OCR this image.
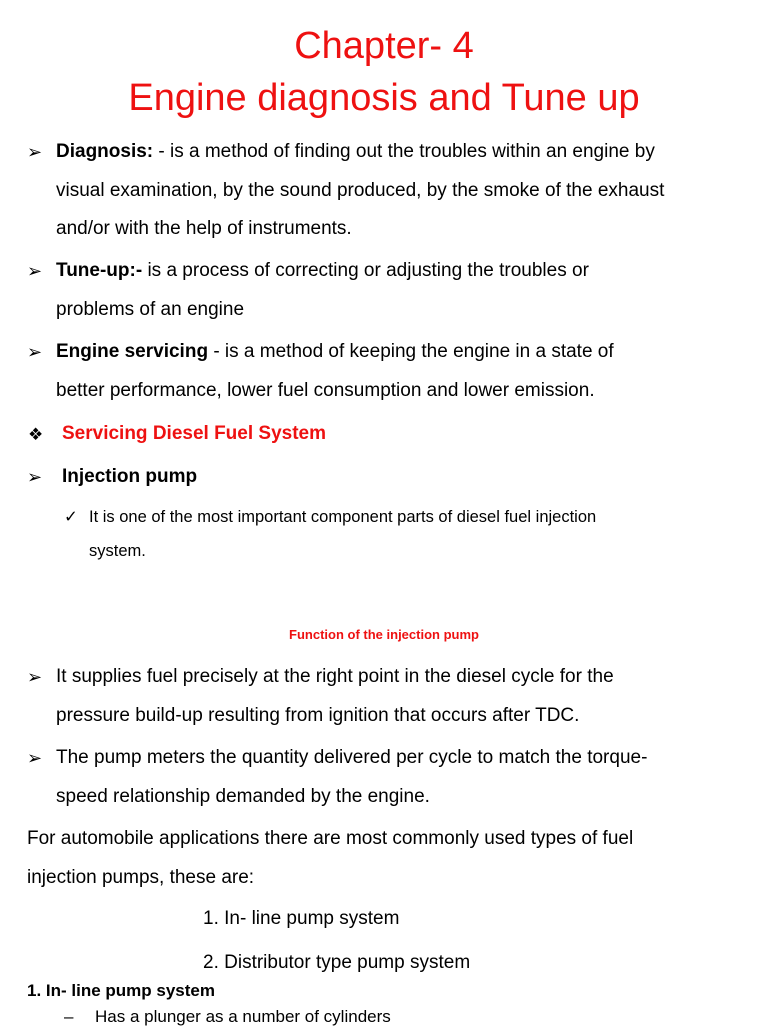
Chapter- 4
Engine diagnosis and Tune up
➢ Diagnosis: - is a method of finding out the troubles within an engine by
visual examination, by the sound produced, by the smoke of the exhaust
and/or with the help of instruments.
➢ Tune-up:- is a process of correcting or adjusting the troubles or
problems of an engine
➢ Engine servicing - is a method of keeping the engine in a state of
better performance, lower fuel consumption and lower emission.
❖ Servicing Diesel Fuel System
➢ Injection pump
✓ It is one of the most important component parts of diesel fuel injection
system.
Function of the injection pump
➢ It supplies fuel precisely at the right point in the diesel cycle for the
pressure build-up resulting from ignition that occurs after TDC.
➢ The pump meters the quantity delivered per cycle to match the torque-
speed relationship demanded by the engine.
For automobile applications there are most commonly used types of fuel
injection pumps, these are:
1. In- line pump system
2. Distributor type pump system
1. In- line pump system
– Has a plunger as a number of cylinders
